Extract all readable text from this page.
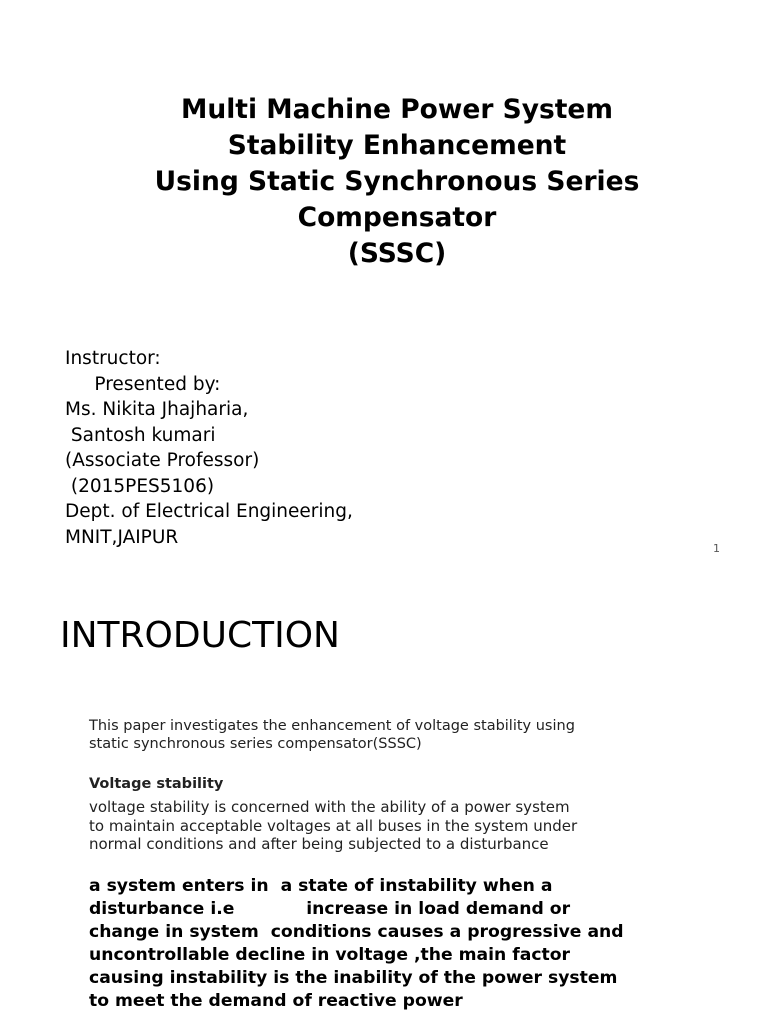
Multi Machine Power System
Stability Enhancement
Using Static Synchronous Series
Compensator
(SSSC)
Instructor:
Presented by:
Ms. Nikita Jhajharia,
Santosh kumari
(Associate Professor)
(2015PES5106)
Dept. of Electrical Engineering,
MNIT,JAIPUR
1
INTRODUCTION
This paper investigates the enhancement of voltage stability using
static synchronous series compensator(SSSC)
Voltage stability
voltage stability is concerned with the ability of a power system
to maintain acceptable voltages at all buses in the system under
normal conditions and after being subjected to a disturbance
a system enters in  a state of instability when a
disturbance i.e            increase in load demand or
change in system  conditions causes a progressive and
uncontrollable decline in voltage ,the main factor
causing instability is the inability of the power system
to meet the demand of reactive power
